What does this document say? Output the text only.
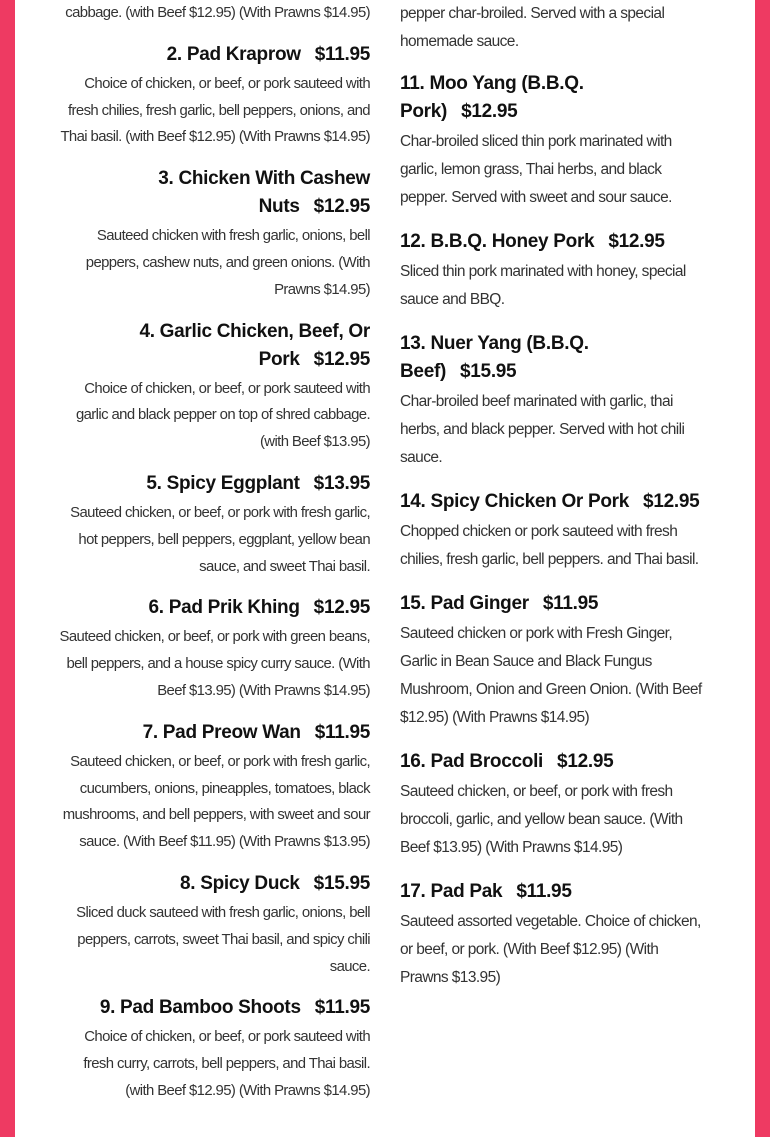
cabbage. (with Beef $12.95) (With Prawns $14.95)
2. Pad Kraprow $11.95
Choice of chicken, or beef, or pork sauteed with fresh chilies, fresh garlic, bell peppers, onions, and Thai basil. (with Beef $12.95) (With Prawns $14.95)
3. Chicken With Cashew Nuts $12.95
Sauteed chicken with fresh garlic, onions, bell peppers, cashew nuts, and green onions. (With Prawns $14.95)
4. Garlic Chicken, Beef, Or Pork $12.95
Choice of chicken, or beef, or pork sauteed with garlic and black pepper on top of shred cabbage.(with Beef $13.95)
5. Spicy Eggplant $13.95
Sauteed chicken, or beef, or pork with fresh garlic, hot peppers, bell peppers, eggplant, yellow bean sauce, and sweet Thai basil.
6. Pad Prik Khing $12.95
Sauteed chicken, or beef, or pork with green beans, bell peppers, and a house spicy curry sauce. (With Beef $13.95) (With Prawns $14.95)
7. Pad Preow Wan $11.95
Sauteed chicken, or beef, or pork with fresh garlic, cucumbers, onions, pineapples, tomatoes, black mushrooms, and bell peppers, with sweet and sour sauce. (With Beef $11.95) (With Prawns $13.95)
8. Spicy Duck $15.95
Sliced duck sauteed with fresh garlic, onions, bell peppers, carrots, sweet Thai basil, and spicy chili sauce.
9. Pad Bamboo Shoots $11.95
Choice of chicken, or beef, or pork sauteed with fresh curry, carrots, bell peppers, and Thai basil. (with Beef $12.95) (With Prawns $14.95)
pepper char-broiled. Served with a special homemade sauce.
11. Moo Yang (B.B.Q. Pork) $12.95
Char-broiled sliced thin pork marinated with garlic, lemon grass, Thai herbs, and black pepper. Served with sweet and sour sauce.
12. B.B.Q. Honey Pork $12.95
Sliced thin pork marinated with honey, special sauce and BBQ.
13. Nuer Yang (B.B.Q. Beef) $15.95
Char-broiled beef marinated with garlic, thai herbs, and black pepper. Served with hot chili sauce.
14. Spicy Chicken Or Pork $12.95
Chopped chicken or pork sauteed with fresh chilies, fresh garlic, bell peppers. and Thai basil.
15. Pad Ginger $11.95
Sauteed chicken or pork with Fresh Ginger, Garlic in Bean Sauce and Black Fungus Mushroom, Onion and Green Onion. (With Beef $12.95) (With Prawns $14.95)
16. Pad Broccoli $12.95
Sauteed chicken, or beef, or pork with fresh broccoli, garlic, and yellow bean sauce. (With Beef $13.95) (With Prawns $14.95)
17. Pad Pak $11.95
Sauteed assorted vegetable. Choice of chicken, or beef, or pork. (With Beef $12.95) (With Prawns $13.95)
